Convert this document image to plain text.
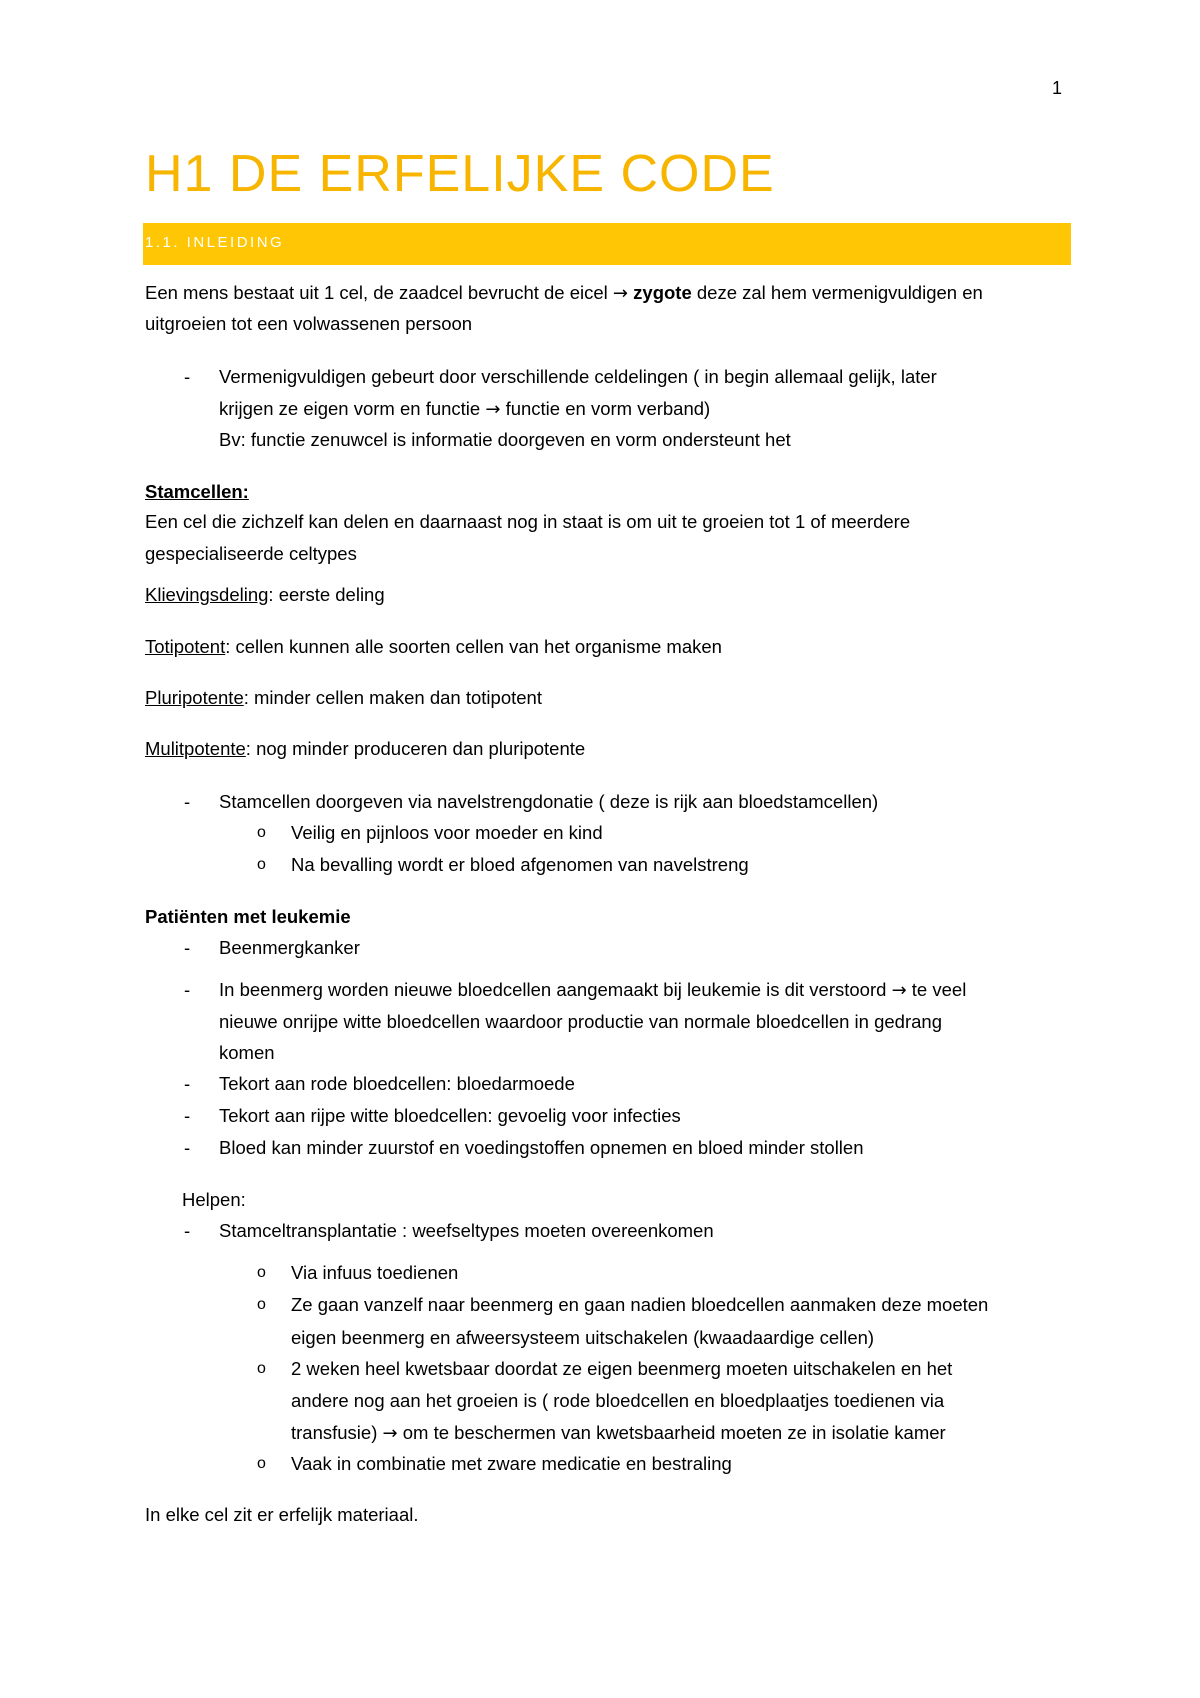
1
H1 DE ERFELIJKE CODE
1.1. INLEIDING
Een mens bestaat uit 1 cel, de zaadcel bevrucht de eicel → zygote deze zal hem vermenigvuldigen en
uitgroeien tot een volwassenen persoon
- Vermenigvuldigen gebeurt door verschillende celdelingen ( in begin allemaal gelijk, later
krijgen ze eigen vorm en functie → functie en vorm verband)
Bv: functie zenuwcel is informatie doorgeven en vorm ondersteunt het
Stamcellen:
Een cel die zichzelf kan delen en daarnaast nog in staat is om uit te groeien tot 1 of meerdere
gespecialiseerde celtypes
Klievingsdeling: eerste deling
Totipotent: cellen kunnen alle soorten cellen van het organisme maken
Pluripotente: minder cellen maken dan totipotent
Mulitpotente: nog minder produceren dan pluripotente
- Stamcellen doorgeven via navelstrengdonatie ( deze is rijk aan bloedstamcellen)
o Veilig en pijnloos voor moeder en kind
o Na bevalling wordt er bloed afgenomen van navelstreng
Patiënten met leukemie
- Beenmergkanker
- In beenmerg worden nieuwe bloedcellen aangemaakt bij leukemie is dit verstoord → te veel
nieuwe onrijpe witte bloedcellen waardoor productie van normale bloedcellen in gedrang
komen
- Tekort aan rode bloedcellen: bloedarmoede
- Tekort aan rijpe witte bloedcellen: gevoelig voor infecties
- Bloed kan minder zuurstof en voedingstoffen opnemen en bloed minder stollen
Helpen:
- Stamceltransplantatie : weefseltypes moeten overeenkomen
o Via infuus toedienen
o Ze gaan vanzelf naar beenmerg en gaan nadien bloedcellen aanmaken deze moeten
eigen beenmerg en afweersysteem uitschakelen (kwaadaardige cellen)
o 2 weken heel kwetsbaar doordat ze eigen beenmerg moeten uitschakelen en het
andere nog aan het groeien is ( rode bloedcellen en bloedplaatjes toedienen via
transfusie) → om te beschermen van kwetsbaarheid moeten ze in isolatie kamer
o Vaak in combinatie met zware medicatie en bestraling
In elke cel zit er erfelijk materiaal.
